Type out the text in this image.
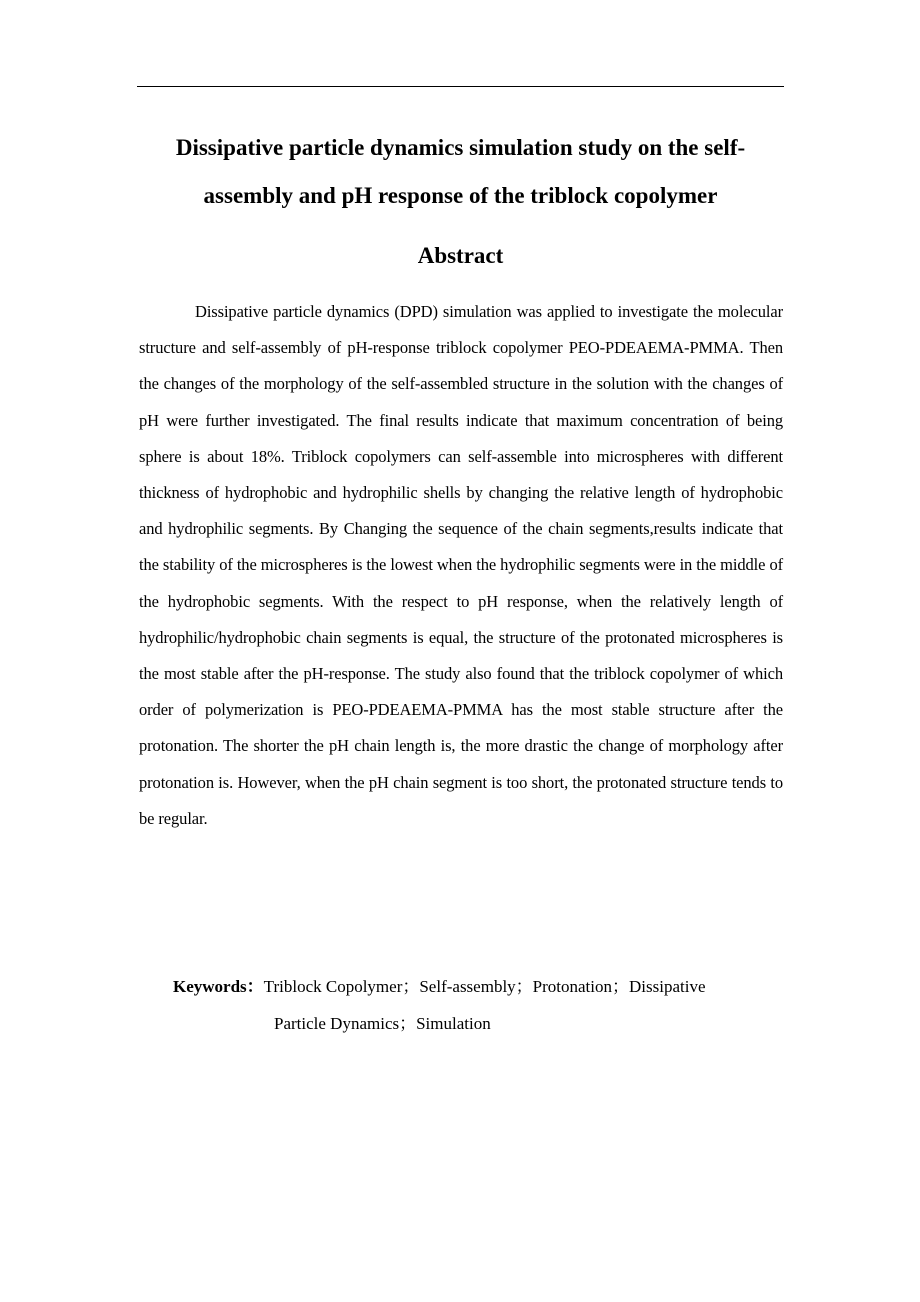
Dissipative particle dynamics simulation study on the self-
assembly and pH response of the triblock copolymer
Abstract

Dissipative particle dynamics (DPD) simulation was applied to investigate the molecular structure and self-assembly of pH-response triblock copolymer PEO-PDEAEMA-PMMA. Then the changes of the morphology of the self-assembled structure in the solution with the changes of pH were further investigated. The final results indicate that maximum concentration of being sphere is about 18%. Triblock copolymers can self-assemble into microspheres with different thickness of hydrophobic and hydrophilic shells by changing the relative length of hydrophobic and hydrophilic segments. By Changing the sequence of the chain segments,results indicate that the stability of the microspheres is the lowest when the hydrophilic segments were in the middle of the hydrophobic segments. With the respect to pH response, when the relatively length of hydrophilic/hydrophobic chain segments is equal, the structure of the protonated microspheres is the most stable after the pH-response. The study also found that the triblock copolymer of which order of polymerization is PEO-PDEAEMA-PMMA has the most stable structure after the protonation. The shorter the pH chain length is, the more drastic the change of morphology after protonation is. However, when the pH chain segment is too short, the protonated structure tends to be regular.

Keywords：Triblock Copolymer；Self-assembly；Protonation；Dissipative
Particle Dynamics；Simulation
